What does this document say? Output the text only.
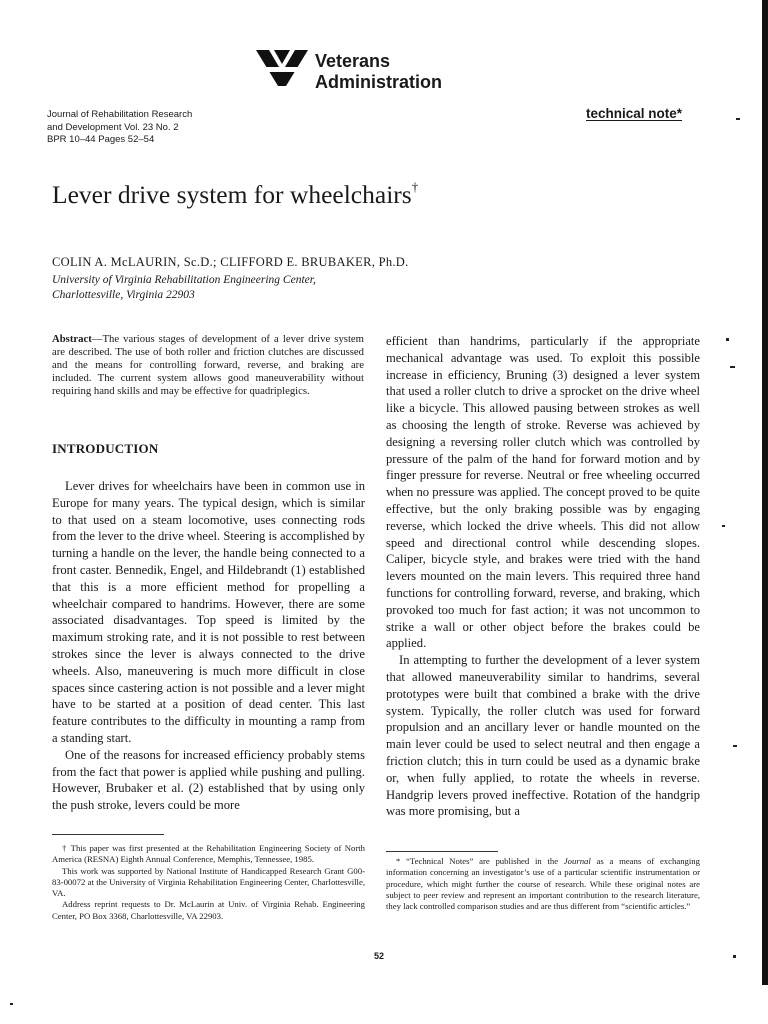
Veterans
Administration
Journal of Rehabilitation Research
and Development Vol. 23 No. 2
BPR 10–44 Pages 52–54
technical note*
Lever drive system for wheelchairs†
COLIN A. McLAURIN, Sc.D.; CLIFFORD E. BRUBAKER, Ph.D.
University of Virginia Rehabilitation Engineering Center,
Charlottesville, Virginia 22903
Abstract—The various stages of development of a lever drive system are described. The use of both roller and friction clutches are discussed and the means for controlling forward, reverse, and braking are included. The current system allows good maneuverability without requiring hand skills and may be effective for quadriplegics.
INTRODUCTION

Lever drives for wheelchairs have been in common use in Europe for many years. The typical design, which is similar to that used on a steam locomotive, uses connecting rods from the lever to the drive wheel. Steering is accomplished by turning a handle on the lever, the handle being connected to a front caster. Bennedik, Engel, and Hildebrandt (1) established that this is a more efficient method for propelling a wheelchair compared to handrims. However, there are some associated disadvantages. Top speed is limited by the maximum stroking rate, and it is not possible to rest between strokes since the lever is always connected to the drive wheels. Also, maneuvering is much more difficult in close spaces since castering action is not possible and a lever might have to be started at a position of dead center. This last feature contributes to the difficulty in mounting a ramp from a standing start.

One of the reasons for increased efficiency probably stems from the fact that power is applied while pushing and pulling. However, Brubaker et al. (2) established that by using only the push stroke, levers could be more

efficient than handrims, particularly if the appropriate mechanical advantage was used. To exploit this possible increase in efficiency, Bruning (3) designed a lever system that used a roller clutch to drive a sprocket on the drive wheel like a bicycle. This allowed pausing between strokes as well as choosing the length of stroke. Reverse was achieved by designing a reversing roller clutch which was controlled by pressure of the palm of the hand for forward motion and by finger pressure for reverse. Neutral or free wheeling occurred when no pressure was applied. The concept proved to be quite effective, but the only braking possible was by engaging reverse, which locked the drive wheels. This did not allow speed and directional control while descending slopes. Caliper, bicycle style, and brakes were tried with the hand levers mounted on the main levers. This required three hand functions for controlling forward, reverse, and braking, which provoked too much for fast action; it was not uncommon to strike a wall or other object before the brakes could be applied.

In attempting to further the development of a lever system that allowed maneuverability similar to handrims, several prototypes were built that combined a brake with the drive system. Typically, the roller clutch was used for forward propulsion and an ancillary lever or handle mounted on the main lever could be used to select neutral and then engage a friction clutch; this in turn could be used as a dynamic brake or, when fully applied, to rotate the wheels in reverse. Handgrip levers proved ineffective. Rotation of the handgrip was more promising, but a

† This paper was first presented at the Rehabilitation Engineering Society of North America (RESNA) Eighth Annual Conference, Memphis, Tennessee, 1985.

This work was supported by National Institute of Handicapped Research Grant G00-83-00072 at the University of Virginia Rehabilitation Engineering Center, Charlottesville, VA.

Address reprint requests to Dr. McLaurin at Univ. of Virginia Rehab. Engineering Center, PO Box 3368, Charlottesville, VA 22903.

* “Technical Notes” are published in the Journal as a means of exchanging information concerning an investigator’s use of a particular scientific instrumentation or procedure, which might further the course of research. While these original notes are subject to peer review and represent an important contribution to the research literature, they lack controlled comparison studies and are thus different from “scientific articles.”
52
